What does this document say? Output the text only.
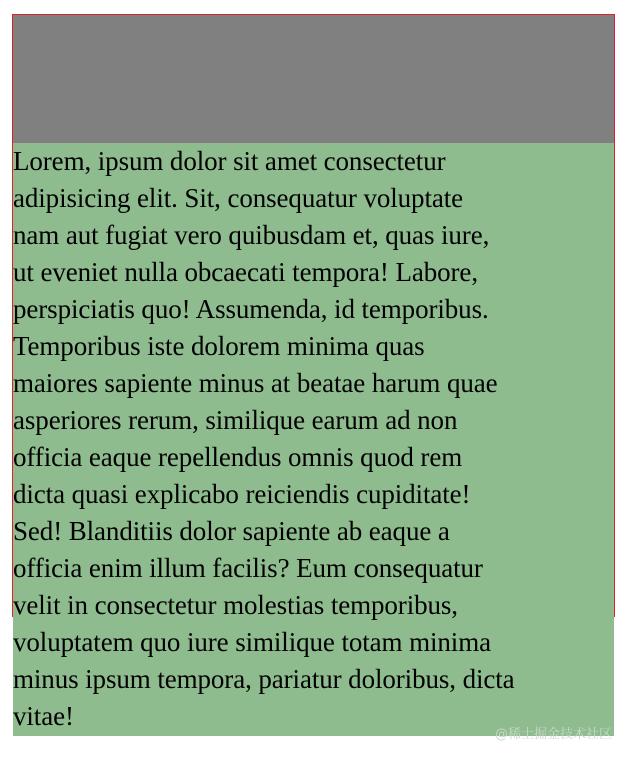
Lorem, ipsum dolor sit amet consectetur
adipisicing elit. Sit, consequatur voluptate
nam aut fugiat vero quibusdam et, quas iure,
ut eveniet nulla obcaecati tempora! Labore,
perspiciatis quo! Assumenda, id temporibus.
Temporibus iste dolorem minima quas
maiores sapiente minus at beatae harum quae
asperiores rerum, similique earum ad non
officia eaque repellendus omnis quod rem
dicta quasi explicabo reiciendis cupiditate!
Sed! Blanditiis dolor sapiente ab eaque a
officia enim illum facilis? Eum consequatur
velit in consectetur molestias temporibus,
voluptatem quo iure similique totam minima
minus ipsum tempora, pariatur doloribus, dicta
vitae!
@稀土掘金技术社区
